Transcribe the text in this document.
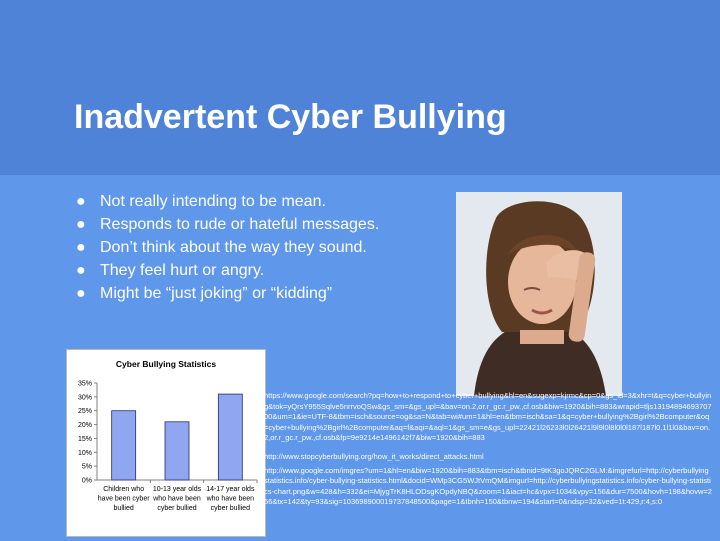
Inadvertent Cyber Bullying
● Not really intending to be mean.
● Responds to rude or hateful messages.
● Don’t think about the way they sound.
● They feel hurt or angry.
● Might be “just joking” or “kidding”
Cyber Bullying Statistics
0%
5%
10%
15%
20%
25%
30%
35%
Children who
have been cyber
bullied
10-13 year olds
who have been
cyber bullied
14-17 year olds
who have been
cyber bullied

https://www.google.com/search?pq=how+to+respond+to+cyber+bullying&hl=en&sugexp=kjrmc&cp=0&gs_id=3&xhr=t&q=cyber+bullying&tok=yQrsY955Sqlve5nrrvoQSw&gs_sm=&gs_upl=&bav=on.2,or.r_gc.r_pw.,cf.osb&biw=1920&bih=883&wrapid=tljs1319489469370700&um=1&ie=UTF-8&tbm=isch&source=og&sa=N&tab=wi#um=1&hl=en&tbm=isch&sa=1&q=cyber+bullying%2Bgirl%2Bcomputer&oq=cyber+bullying%2Bgirl%2Bcomputer&aq=f&aqi=&aql=1&gs_sm=e&gs_upl=22421l26233l0l26421l9l9l0l8l0l0l187l187l0.1l1l0&bav=on.2,or.r_gc.r_pw.,cf.osb&fp=9e9214e1496142f7&biw=1920&bih=883

http://www.stopcyberbullying.org/how_it_works/direct_attacks.html

http://www.google.com/imgres?um=1&hl=en&biw=1920&bih=883&tbm=isch&tbnid=9tK3goJQRC2GLM:&imgrefurl=http://cyberbullyingstatistics.info/cyber-bullying-statistics.html&docid=WMp3CG5WJtVmQM&imgurl=http://cyberbullyingstatistics.info/cyber-bullying-statistics-chart.png&w=428&h=332&ei=MjygTrK8HLODsgKOpdyNBQ&zoom=1&iact=hc&vpx=1034&vpy=156&dur=7500&hovh=198&hovw=256&tx=142&ty=93&sig=103698900019737848500&page=1&tbnh=150&tbnw=194&start=0&ndsp=32&ved=1t:429,r:4,s:0
